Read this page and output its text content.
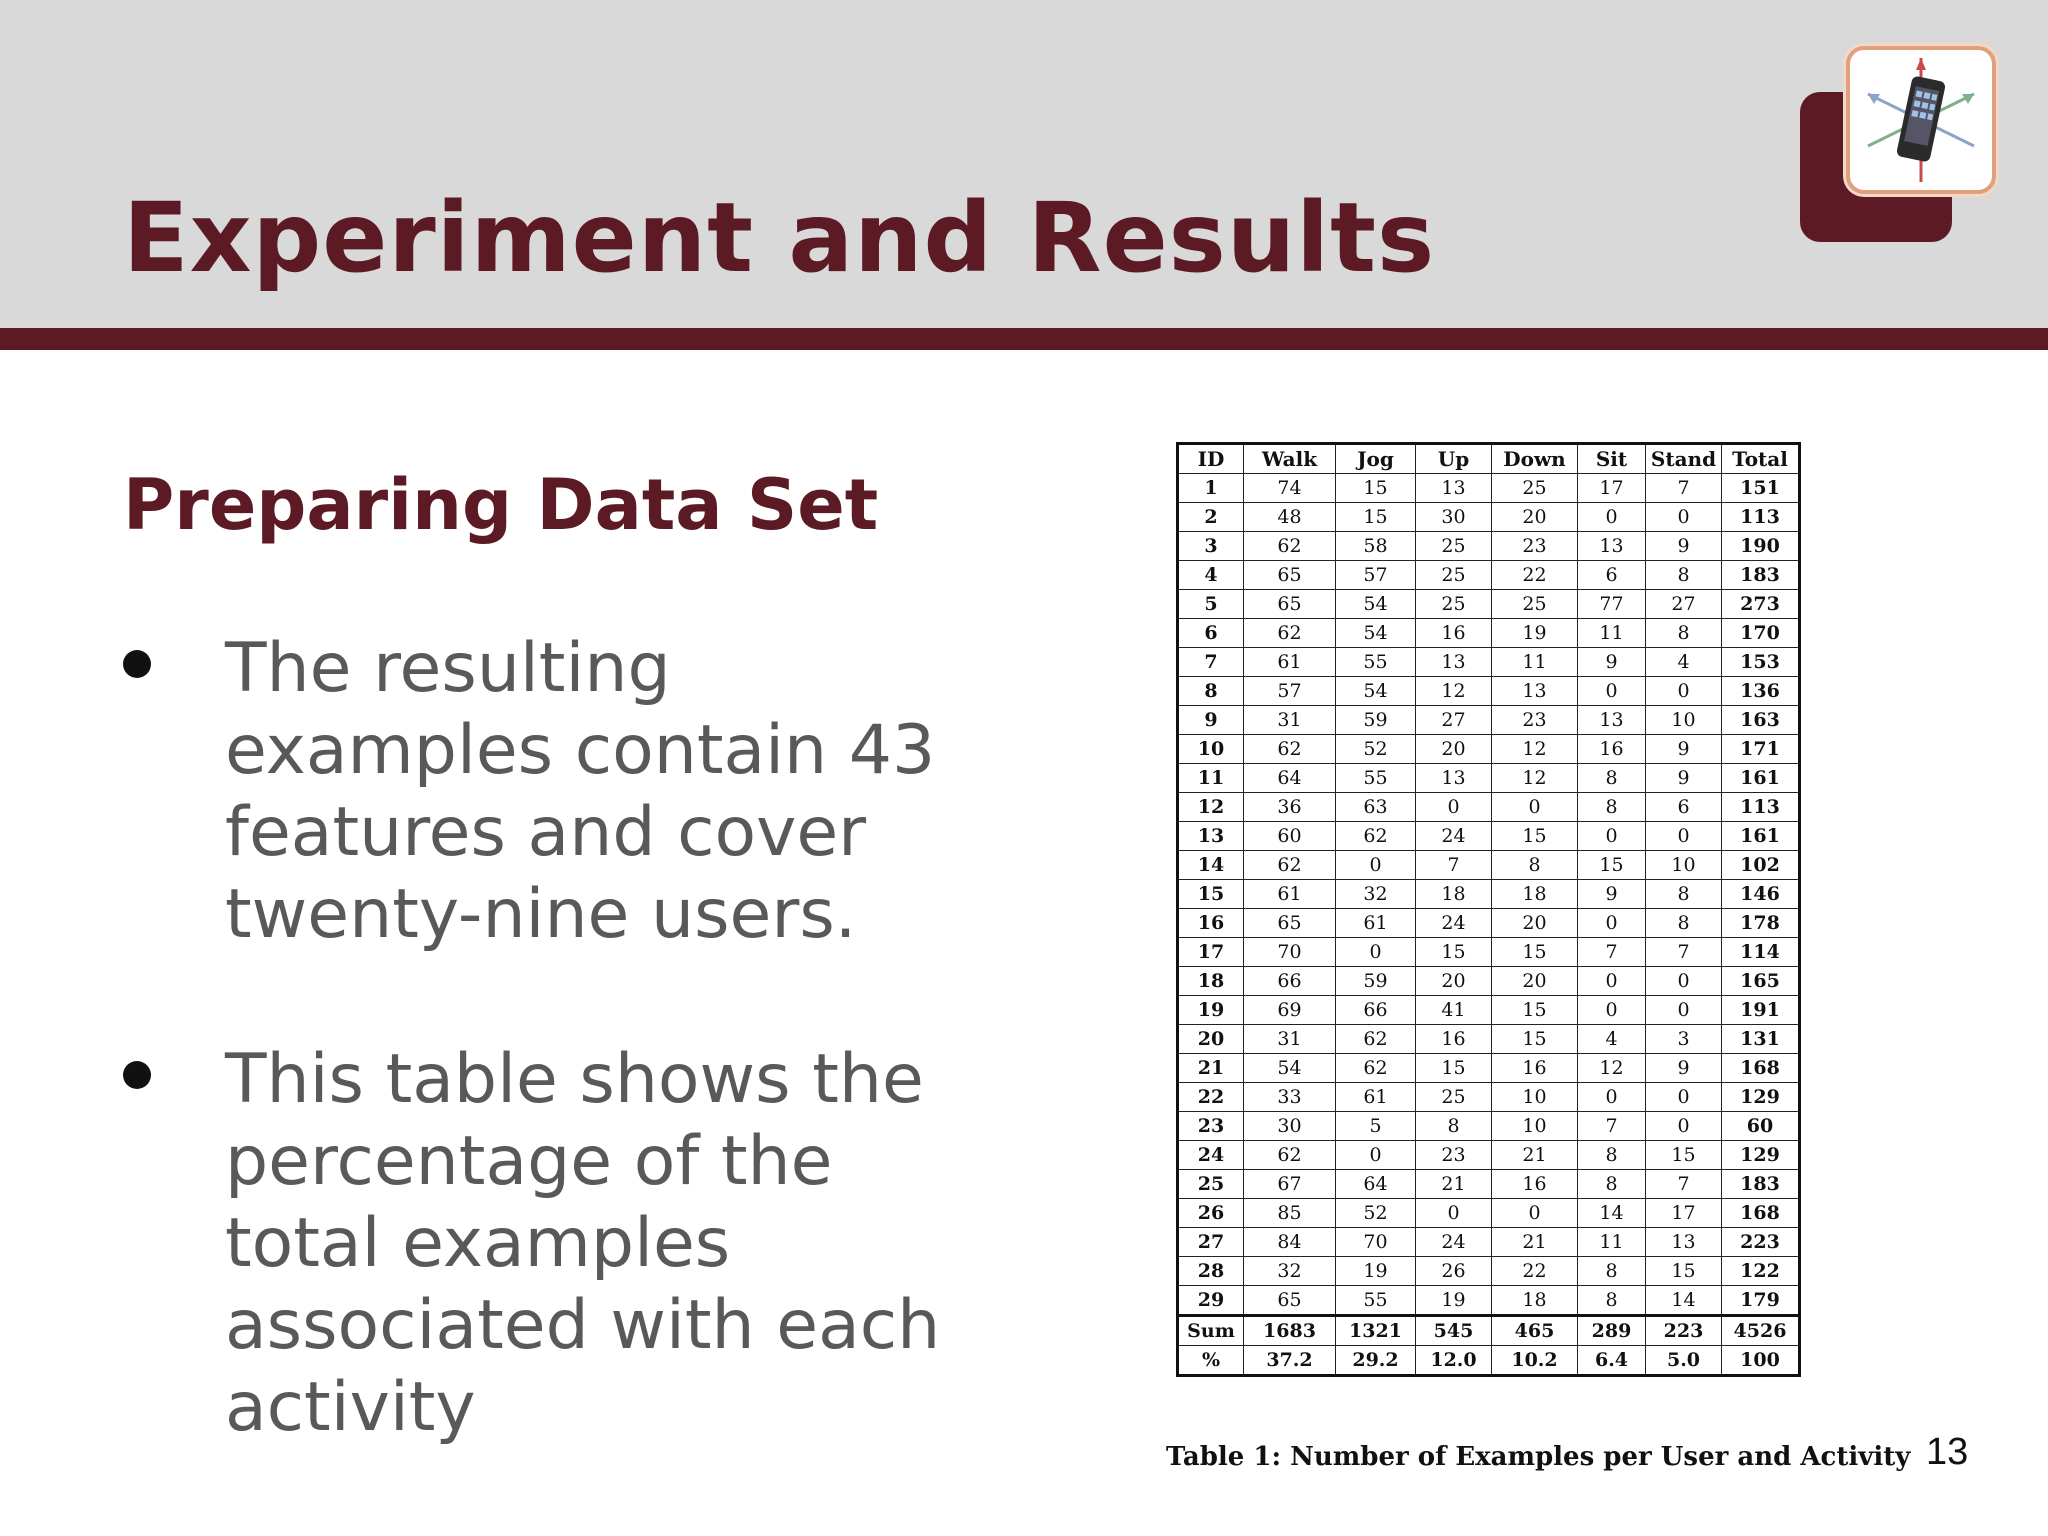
Experiment and Results
Preparing Data Set
The resulting examples contain 43 features and cover twenty-nine users.
This table shows the percentage of the total examples associated with each activity
ID	Walk	Jog	Up	Down	Sit	Stand	Total
1	74	15	13	25	17	7	151
2	48	15	30	20	0	0	113
3	62	58	25	23	13	9	190
4	65	57	25	22	6	8	183
5	65	54	25	25	77	27	273
6	62	54	16	19	11	8	170
7	61	55	13	11	9	4	153
8	57	54	12	13	0	0	136
9	31	59	27	23	13	10	163
10	62	52	20	12	16	9	171
11	64	55	13	12	8	9	161
12	36	63	0	0	8	6	113
13	60	62	24	15	0	0	161
14	62	0	7	8	15	10	102
15	61	32	18	18	9	8	146
16	65	61	24	20	0	8	178
17	70	0	15	15	7	7	114
18	66	59	20	20	0	0	165
19	69	66	41	15	0	0	191
20	31	62	16	15	4	3	131
21	54	62	15	16	12	9	168
22	33	61	25	10	0	0	129
23	30	5	8	10	7	0	60
24	62	0	23	21	8	15	129
25	67	64	21	16	8	7	183
26	85	52	0	0	14	17	168
27	84	70	24	21	11	13	223
28	32	19	26	22	8	15	122
29	65	55	19	18	8	14	179
Sum	1683	1321	545	465	289	223	4526
%	37.2	29.2	12.0	10.2	6.4	5.0	100
Table 1: Number of Examples per User and Activity 13
